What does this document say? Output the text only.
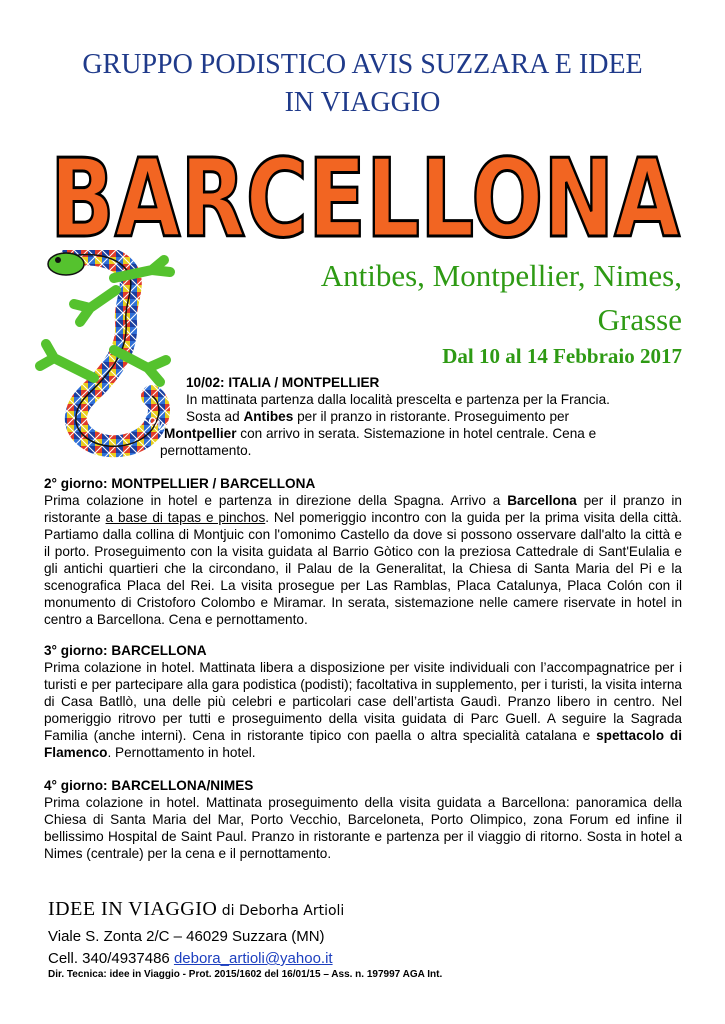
GRUPPO PODISTICO AVIS SUZZARA E IDEE
IN VIAGGIO
BARCELLONA
BARCELLONA
Antibes, Montpellier, Nimes,
Grasse
Dal 10 al 14 Febbraio 2017

10/02: ITALIA / MONTPELLIER

In mattinata partenza dalla località prescelta e partenza per la Francia.

Sosta ad Antibes per il pranzo in ristorante. Proseguimento per

Montpellier con arrivo in serata. Sistemazione in hotel centrale. Cena e

pernottamento.

2° giorno: MONTPELLIER / BARCELLONA

Prima colazione in hotel e partenza in direzione della Spagna. Arrivo a Barcellona per il pranzo in ristorante a base di tapas e pinchos. Nel pomeriggio incontro con la guida per la prima visita della città. Partiamo dalla collina di Montjuic con l'omonimo Castello da dove si possono osservare dall'alto la città e il porto. Proseguimento con la visita guidata al Barrio Gòtico con la preziosa Cattedrale di Sant'Eulalia e gli antichi quartieri che la circondano, il Palau de la Generalitat, la Chiesa di Santa Maria del Pi e la scenografica Placa del Rei. La visita prosegue per Las Ramblas, Placa Catalunya, Placa Colón con il monumento di Cristoforo Colombo e Miramar. In serata, sistemazione nelle camere riservate in hotel in centro a Barcellona. Cena e pernottamento.

3° giorno: BARCELLONA

Prima colazione in hotel. Mattinata libera a disposizione per visite individuali con l’accompagnatrice per i turisti e per partecipare alla gara podistica (podisti); facoltativa in supplemento, per i turisti, la visita interna di Casa Batllò, una delle più celebri e particolari case dell’artista Gaudì. Pranzo libero in centro. Nel pomeriggio ritrovo per tutti e proseguimento della visita guidata di Parc Guell. A seguire la Sagrada Familia (anche interni). Cena in ristorante tipico con paella o altra specialità catalana e spettacolo di Flamenco. Pernottamento in hotel.

4° giorno: BARCELLONA/NIMES

Prima colazione in hotel. Mattinata proseguimento della visita guidata a Barcellona: panoramica della Chiesa di Santa Maria del Mar, Porto Vecchio, Barceloneta, Porto Olimpico, zona Forum ed infine il bellissimo Hospital de Saint Paul. Pranzo in ristorante e partenza per il viaggio di ritorno. Sosta in hotel a Nimes (centrale) per la cena e il pernottamento.

IDEE IN VIAGGIO di Deborha Artioli
Viale S. Zonta 2/C – 46029 Suzzara (MN)
Cell. 340/4937486 debora_artioli@yahoo.it
Dir. Tecnica: idee in Viaggio - Prot. 2015/1602 del 16/01/15 – Ass. n. 197997 AGA Int.
